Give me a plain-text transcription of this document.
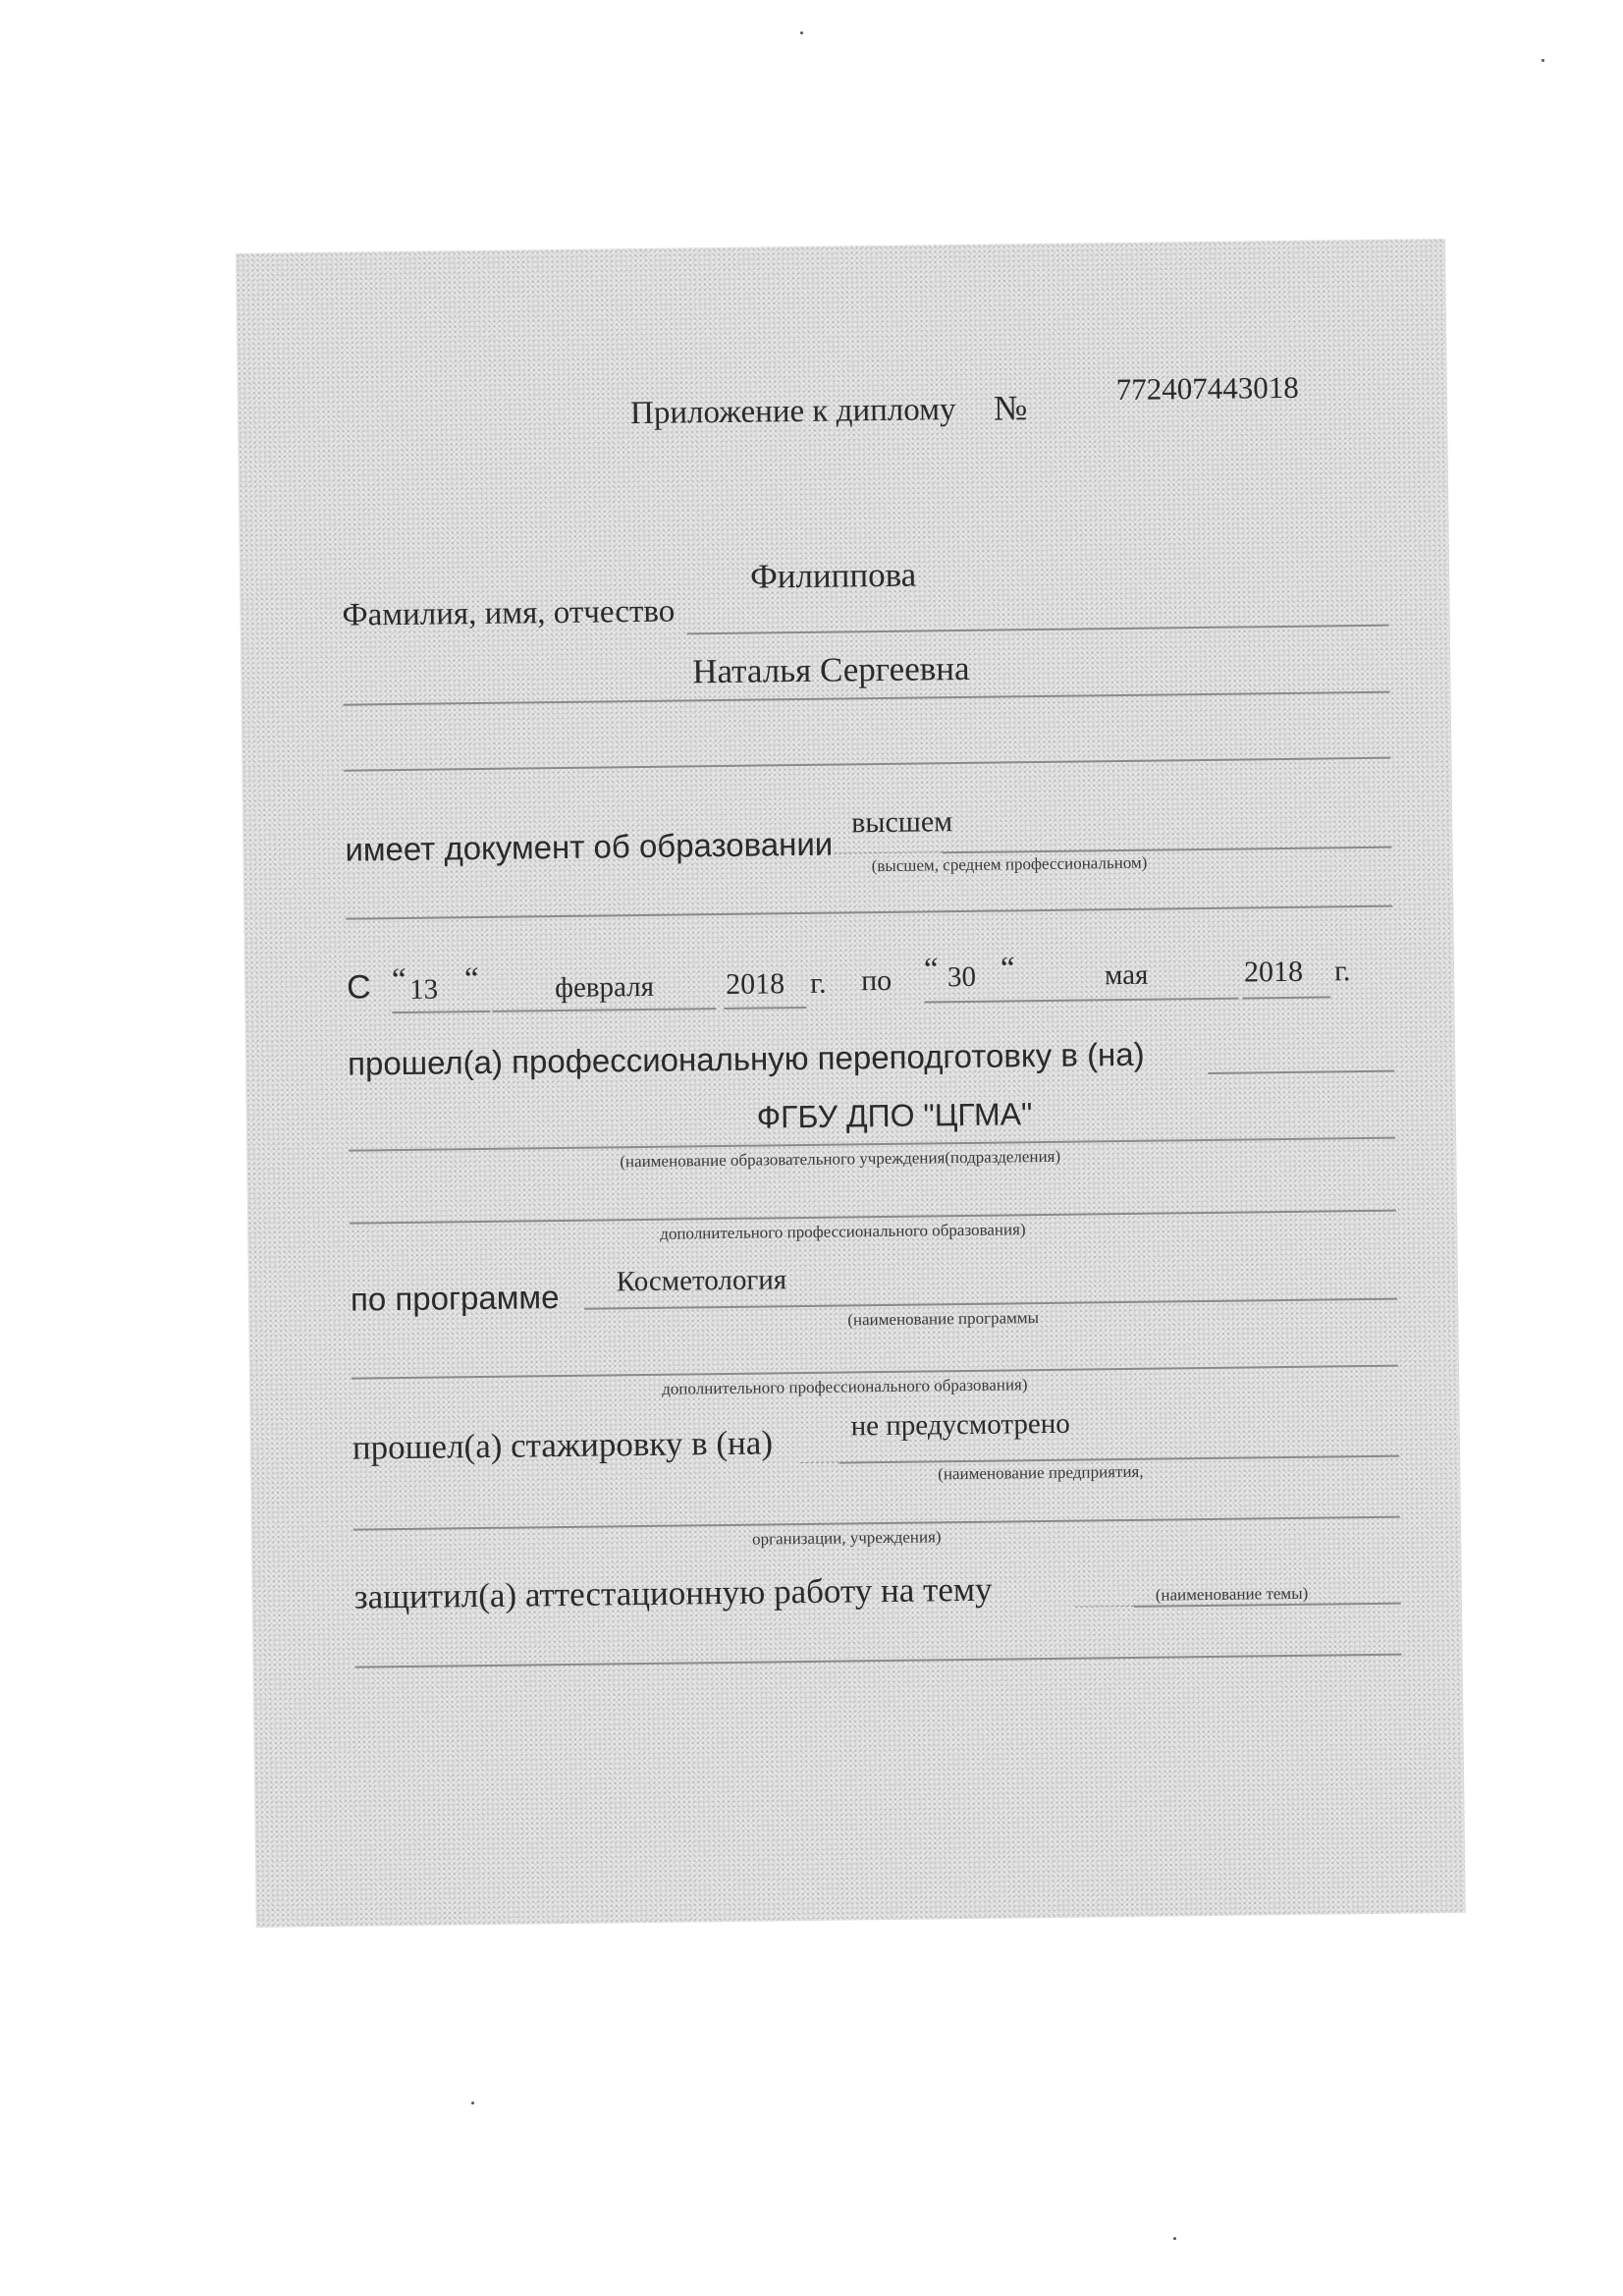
Приложение к диплому №	772407443018
Филиппова
Фамилия, имя, отчество
Наталья Сергеевна
имеет документ об образовании
высшем
(высшем, среднем профессиональном)
С “ 13 “	февраля 2018 г. по “ 30 “	мая	2018 г.
прошел(а) профессиональную переподготовку в (на)
ФГБУ ДПО "ЦГМА"
(наименование образовательного учреждения(подразделения)
дополнительного профессионального образования)
по программе Косметология
(наименование программы
дополнительного профессионального образования)
прошел(а) стажировку в (на)	не предусмотрено
(наименование предприятия,
организации, учреждения)
защитил(а) аттестационную работу на тему	(наименование темы)
